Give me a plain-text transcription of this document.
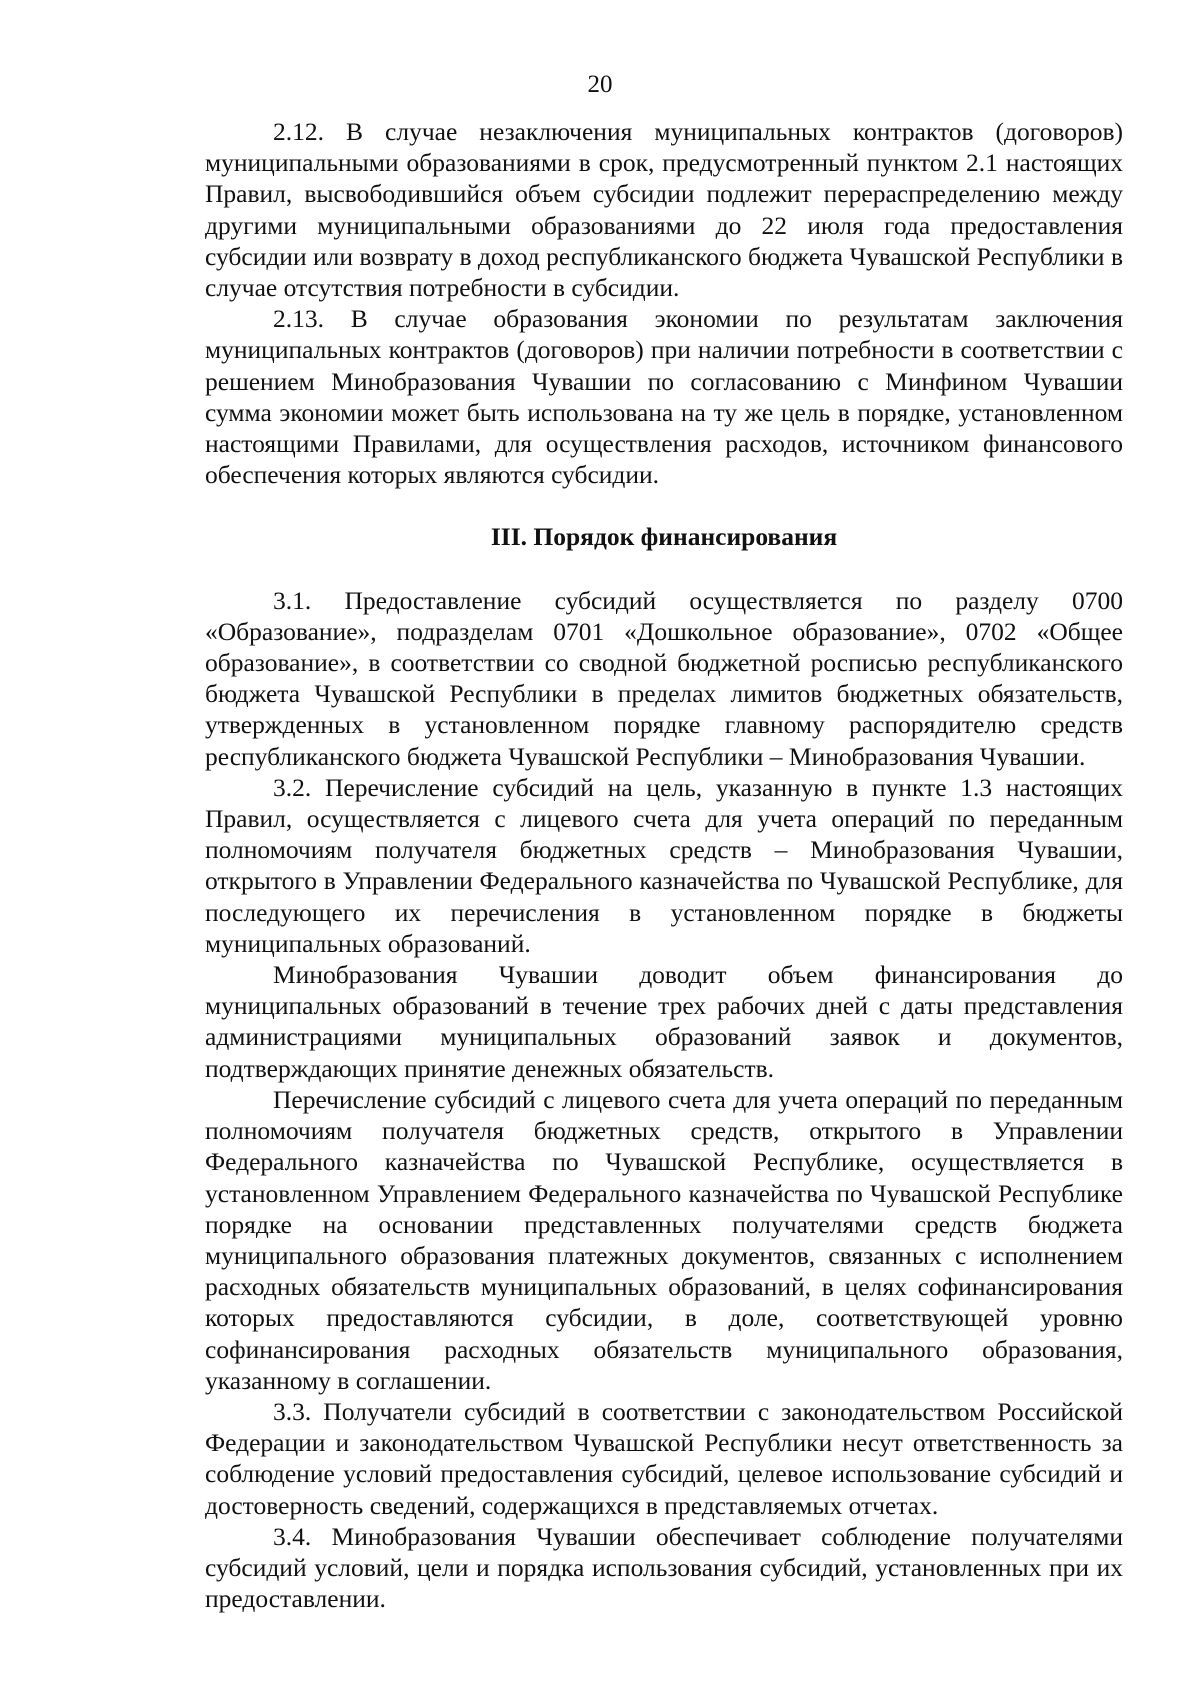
20

2.12. В случае незаключения муниципальных контрактов (договоров) муниципальными образованиями в срок, предусмотренный пунктом 2.1 настоящих Правил, высвободившийся объем субсидии подлежит перераспределению между другими муниципальными образованиями до 22 июля года предоставления субсидии или возврату в доход республиканского бюджета Чувашской Республики в случае отсутствия потребности в субсидии.

2.13. В случае образования экономии по результатам заключения муниципальных контрактов (договоров) при наличии потребности в соответствии с решением Минобразования Чувашии по согласованию с Минфином Чувашии сумма экономии может быть использована на ту же цель в порядке, установленном настоящими Правилами, для осуществления расходов, источником финансового обеспечения которых являются субсидии.

III. Порядок финансирования

3.1. Предоставление субсидий осуществляется по разделу 0700 «Образование», подразделам 0701 «Дошкольное образование», 0702 «Общее образование», в соответствии со сводной бюджетной росписью республиканского бюджета Чувашской Республики в пределах лимитов бюджетных обязательств, утвержденных в установленном порядке главному распорядителю средств республиканского бюджета Чувашской Республики – Минобразования Чувашии.

3.2. Перечисление субсидий на цель, указанную в пункте 1.3 настоящих Правил, осуществляется с лицевого счета для учета операций по переданным полномочиям получателя бюджетных средств – Минобразования Чувашии, открытого в Управлении Федерального казначейства по Чувашской Республике, для последующего их перечисления в установленном порядке в бюджеты муниципальных образований.

Минобразования Чувашии доводит объем финансирования до муниципальных образований в течение трех рабочих дней с даты представления администрациями муниципальных образований заявок и документов, подтверждающих принятие денежных обязательств.

Перечисление субсидий с лицевого счета для учета операций по переданным полномочиям получателя бюджетных средств, открытого в Управлении Федерального казначейства по Чувашской Республике, осуществляется в установленном Управлением Федерального казначейства по Чувашской Республике порядке на основании представленных получателями средств бюджета муниципального образования платежных документов, связанных с исполнением расходных обязательств муниципальных образований, в целях софинансирования которых предоставляются субсидии, в доле, соответствующей уровню софинансирования расходных обязательств муниципального образования, указанному в соглашении.

3.3. Получатели субсидий в соответствии с законодательством Российской Федерации и законодательством Чувашской Республики несут ответственность за соблюдение условий предоставления субсидий, целевое использование субсидий и достоверность сведений, содержащихся в представляемых отчетах.

3.4. Минобразования Чувашии обеспечивает соблюдение получателями субсидий условий, цели и порядка использования субсидий, установленных при их предоставлении.
